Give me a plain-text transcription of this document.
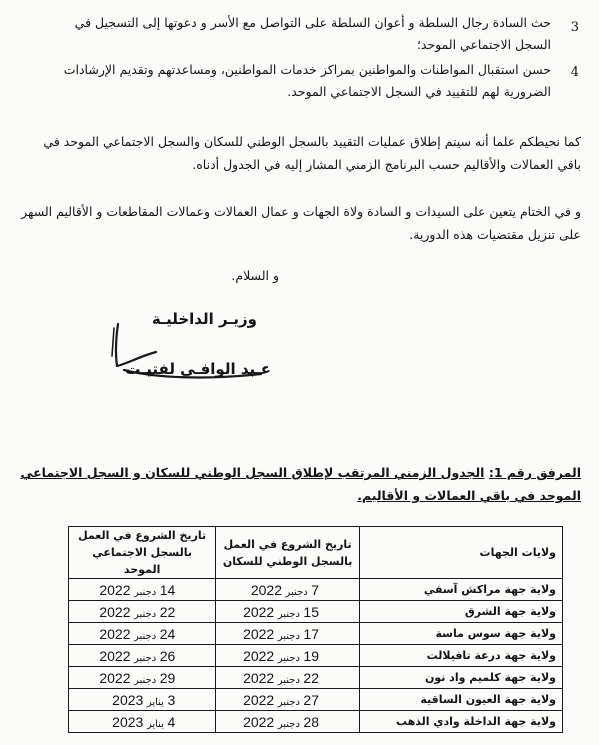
3
حث السادة رجال السلطة و أعوان السلطة على التواصل مع الأسر و دعوتها إلى التسجيل في السجل الاجتماعي الموحد؛
4
حسن استقبال المواطنات والمواطنين بمراكز خدمات المواطنين، ومساعدتهم وتقديم الإرشادات الضرورية لهم للتقييد في السجل الاجتماعي الموحد.
كما نحيطكم علما أنه سيتم إطلاق عمليات التقييد بالسجل الوطني للسكان والسجل الاجتماعي الموحد في باقي العمالات والأقاليم حسب البرنامج الزمني المشار إليه في الجدول أدناه.
و في الختام يتعين على السيدات و السادة ولاة الجهات و عمال العمالات وعمالات المقاطعات و الأقاليم السهر على تنزيل مقتضيات هذه الدورية.
و السلام.
وزيـر الداخليـة
عـبد الوافـي لفتيـت
المرفق رقم 1: الجدول الزمني المرتقب لإطلاق السجل الوطني للسكان و السجل الاجتماعي الموحد في باقي العمالات و الأقاليم.
ولايات الجهات	تاريخ الشروع في العمل بالسجل الوطني للسكان	تاريخ الشروع في العمل بالسجل الاجتماعي الموحد
ولاية جهة مراكش آسفي	7 دجنبر 2022	14 دجنبر 2022
ولاية جهة الشرق	15 دجنبر 2022	22 دجنبر 2022
ولاية جهة سوس ماسة	17 دجنبر 2022	24 دجنبر 2022
ولاية جهة درعة تافيلالت	19 دجنبر 2022	26 دجنبر 2022
ولاية جهة كلميم واد نون	22 دجنبر 2022	29 دجنبر 2022
ولاية جهة العيون الساقية	27 دجنبر 2022	3 يناير 2023
ولاية جهة الداخلة وادي الذهب	28 دجنبر 2022	4 يناير 2023
